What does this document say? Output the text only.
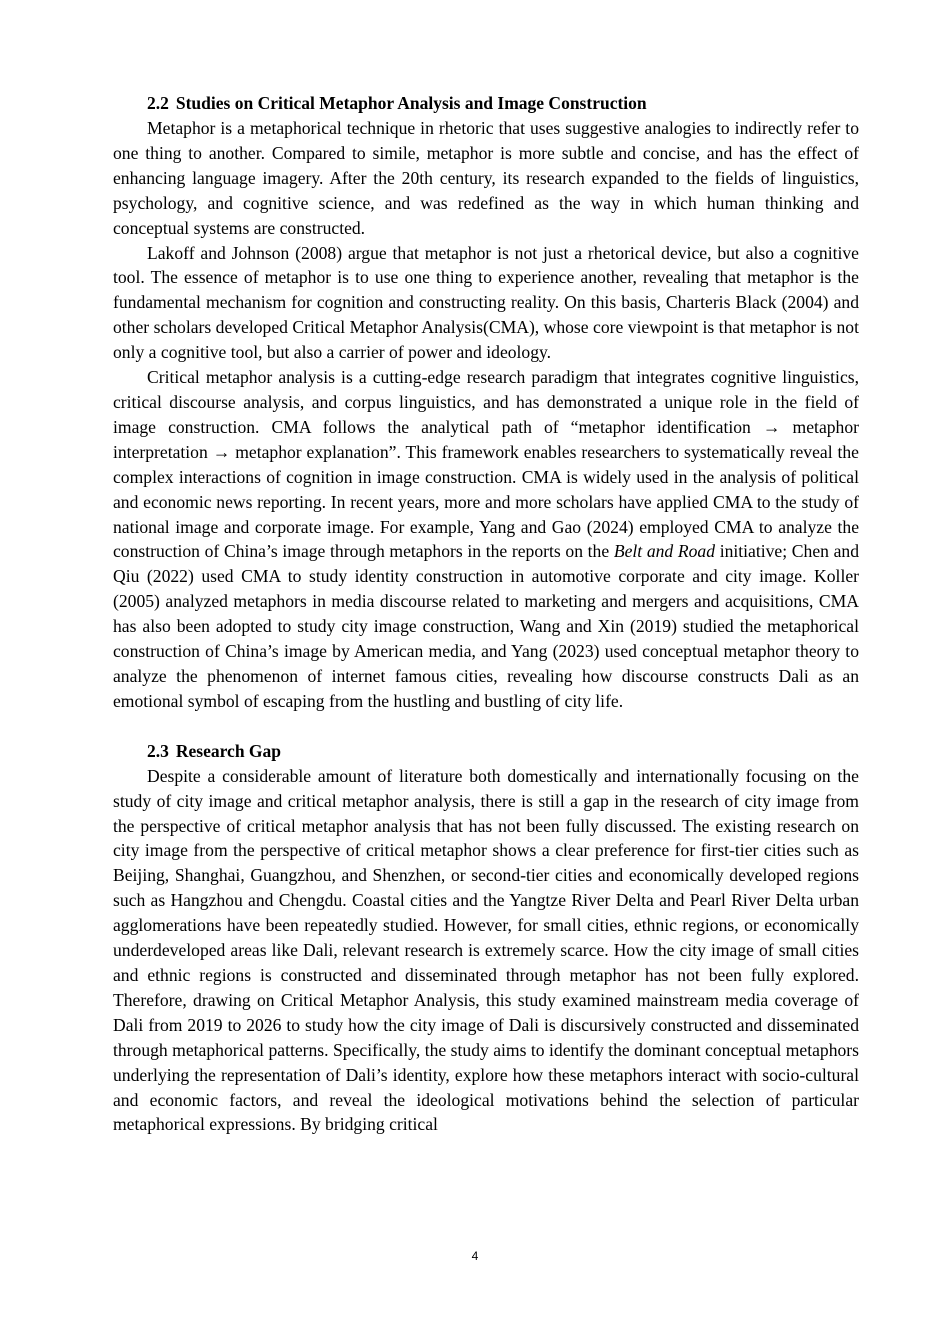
2.2 Studies on Critical Metaphor Analysis and Image Construction

Metaphor is a metaphorical technique in rhetoric that uses suggestive analogies to indirectly refer to one thing to another. Compared to simile, metaphor is more subtle and concise, and has the effect of enhancing language imagery. After the 20th century, its research expanded to the fields of linguistics, psychology, and cognitive science, and was redefined as the way in which human thinking and conceptual systems are constructed.

Lakoff and Johnson (2008) argue that metaphor is not just a rhetorical device, but also a cognitive tool. The essence of metaphor is to use one thing to experience another, revealing that metaphor is the fundamental mechanism for cognition and constructing reality. On this basis, Charteris Black (2004) and other scholars developed Critical Metaphor Analysis(CMA), whose core viewpoint is that metaphor is not only a cognitive tool, but also a carrier of power and ideology.

Critical metaphor analysis is a cutting-edge research paradigm that integrates cognitive linguistics, critical discourse analysis, and corpus linguistics, and has demonstrated a unique role in the field of image construction. CMA follows the analytical path of “metaphor identification → metaphor interpretation → metaphor explanation”. This framework enables researchers to systematically reveal the complex interactions of cognition in image construction. CMA is widely used in the analysis of political and economic news reporting. In recent years, more and more scholars have applied CMA to the study of national image and corporate image. For example, Yang and Gao (2024) employed CMA to analyze the construction of China’s image through metaphors in the reports on the Belt and Road initiative; Chen and Qiu (2022) used CMA to study identity construction in automotive corporate and city image. Koller (2005) analyzed metaphors in media discourse related to marketing and mergers and acquisitions, CMA has also been adopted to study city image construction, Wang and Xin (2019) studied the metaphorical construction of China’s image by American media, and Yang (2023) used conceptual metaphor theory to analyze the phenomenon of internet famous cities, revealing how discourse constructs Dali as an emotional symbol of escaping from the hustling and bustling of city life.

2.3 Research Gap

Despite a considerable amount of literature both domestically and internationally focusing on the study of city image and critical metaphor analysis, there is still a gap in the research of city image from the perspective of critical metaphor analysis that has not been fully discussed. The existing research on city image from the perspective of critical metaphor shows a clear preference for first-tier cities such as Beijing, Shanghai, Guangzhou, and Shenzhen, or second-tier cities and economically developed regions such as Hangzhou and Chengdu. Coastal cities and the Yangtze River Delta and Pearl River Delta urban agglomerations have been repeatedly studied. However, for small cities, ethnic regions, or economically underdeveloped areas like Dali, relevant research is extremely scarce. How the city image of small cities and ethnic regions is constructed and disseminated through metaphor has not been fully explored. Therefore, drawing on Critical Metaphor Analysis, this study examined mainstream media coverage of Dali from 2019 to 2026 to study how the city image of Dali is discursively constructed and disseminated through metaphorical patterns. Specifically, the study aims to identify the dominant conceptual metaphors underlying the representation of Dali’s identity, explore how these metaphors interact with socio-cultural and economic factors, and reveal the ideological motivations behind the selection of particular metaphorical expressions. By bridging critical

4
